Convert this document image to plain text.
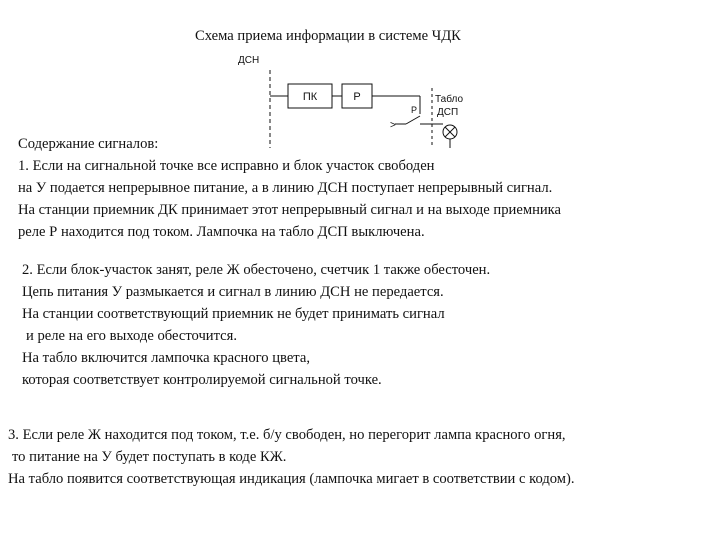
Схема приема информации в системе ЧДК
ДСН
ПК	Р
Р
>
Табло
ДСП
Содержание сигналов:
1. Если на сигнальной точке все исправно и блок участок свободен
на У подается непрерывное питание, а в линию ДСН поступает непрерывный сигнал.
На станции приемник ДК принимает этот непрерывный сигнал и на выходе приемника
реле Р находится под током. Лампочка на табло ДСП выключена.
2. Если блок-участок занят, реле Ж обесточено, счетчик 1 также обесточен.
Цепь питания У размыкается и сигнал в линию ДСН не передается.
На станции соответствующий приемник не будет принимать сигнал
и реле на его выходе обесточится.
На табло включится лампочка красного цвета,
которая соответствует контролируемой сигнальной точке.
3. Если реле Ж находится под током, т.е. б/у свободен, но перегорит лампа красного огня,
то питание на У будет поступать в коде КЖ.
На табло появится соответствующая индикация (лампочка мигает в соответствии с кодом).
